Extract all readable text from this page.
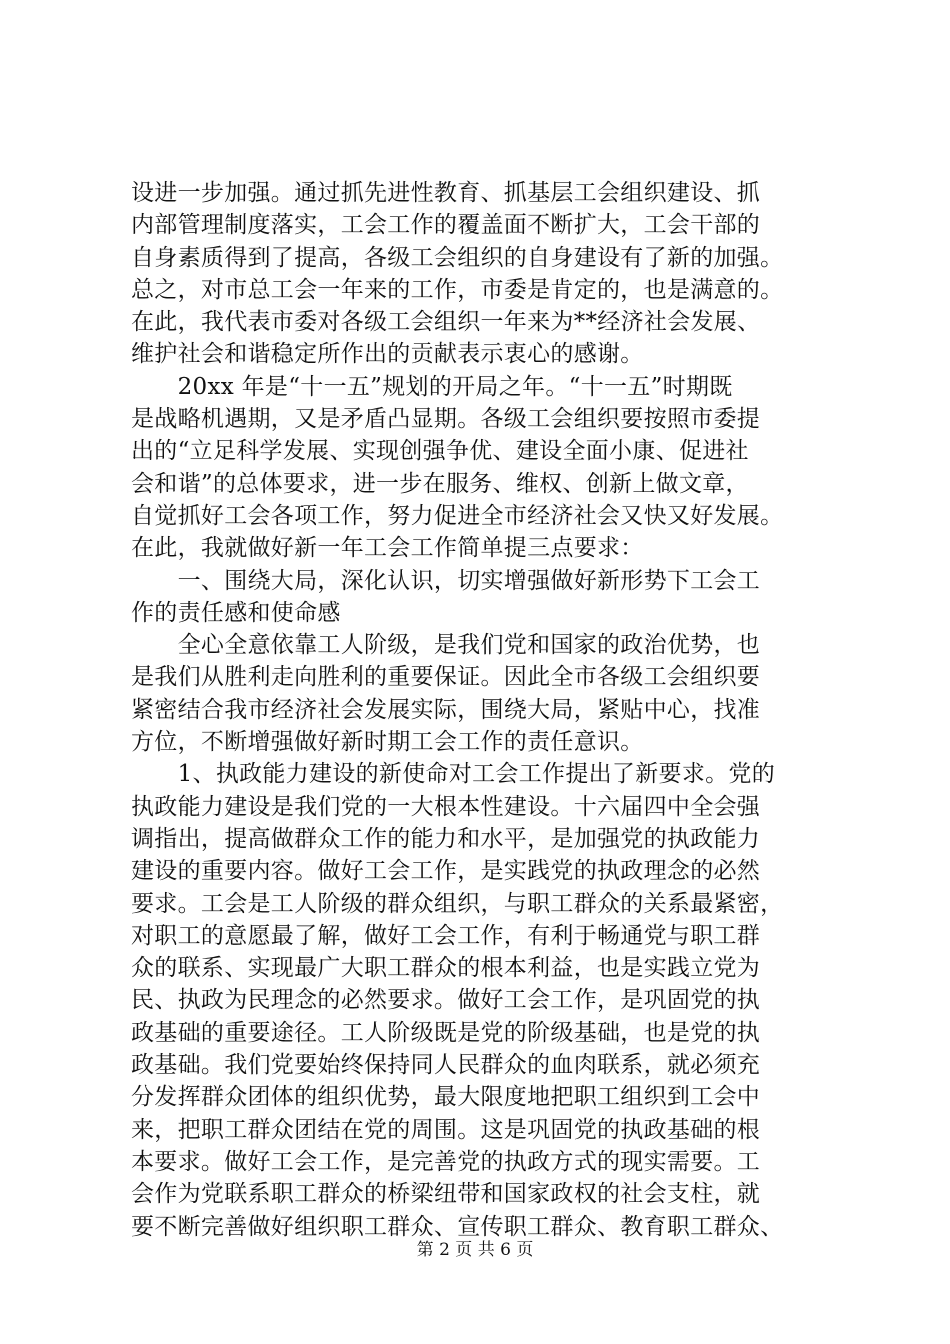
设进一步加强。通过抓先进性教育、抓基层工会组织建设、抓
内部管理制度落实，工会工作的覆盖面不断扩大，工会干部的
自身素质得到了提高，各级工会组织的自身建设有了新的加强。
总之，对市总工会一年来的工作，市委是肯定的，也是满意的。
在此，我代表市委对各级工会组织一年来为**经济社会发展、
维护社会和谐稳定所作出的贡献表示衷心的感谢。
　　20xx 年是“十一五”规划的开局之年。“十一五”时期既
是战略机遇期，又是矛盾凸显期。各级工会组织要按照市委提
出的“立足科学发展、实现创强争优、建设全面小康、促进社
会和谐”的总体要求，进一步在服务、维权、创新上做文章，
自觉抓好工会各项工作，努力促进全市经济社会又快又好发展。
在此，我就做好新一年工会工作简单提三点要求：
　　一、围绕大局，深化认识，切实增强做好新形势下工会工
作的责任感和使命感
　　全心全意依靠工人阶级，是我们党和国家的政治优势，也
是我们从胜利走向胜利的重要保证。因此全市各级工会组织要
紧密结合我市经济社会发展实际，围绕大局，紧贴中心，找准
方位，不断增强做好新时期工会工作的责任意识。
　　1、执政能力建设的新使命对工会工作提出了新要求。党的
执政能力建设是我们党的一大根本性建设。十六届四中全会强
调指出，提高做群众工作的能力和水平，是加强党的执政能力
建设的重要内容。做好工会工作，是实践党的执政理念的必然
要求。工会是工人阶级的群众组织，与职工群众的关系最紧密，
对职工的意愿最了解，做好工会工作，有利于畅通党与职工群
众的联系、实现最广大职工群众的根本利益，也是实践立党为
民、执政为民理念的必然要求。做好工会工作，是巩固党的执
政基础的重要途径。工人阶级既是党的阶级基础，也是党的执
政基础。我们党要始终保持同人民群众的血肉联系，就必须充
分发挥群众团体的组织优势，最大限度地把职工组织到工会中
来，把职工群众团结在党的周围。这是巩固党的执政基础的根
本要求。做好工会工作，是完善党的执政方式的现实需要。工
会作为党联系职工群众的桥梁纽带和国家政权的社会支柱，就
要不断完善做好组织职工群众、宣传职工群众、教育职工群众、
第 2 页 共 6 页
